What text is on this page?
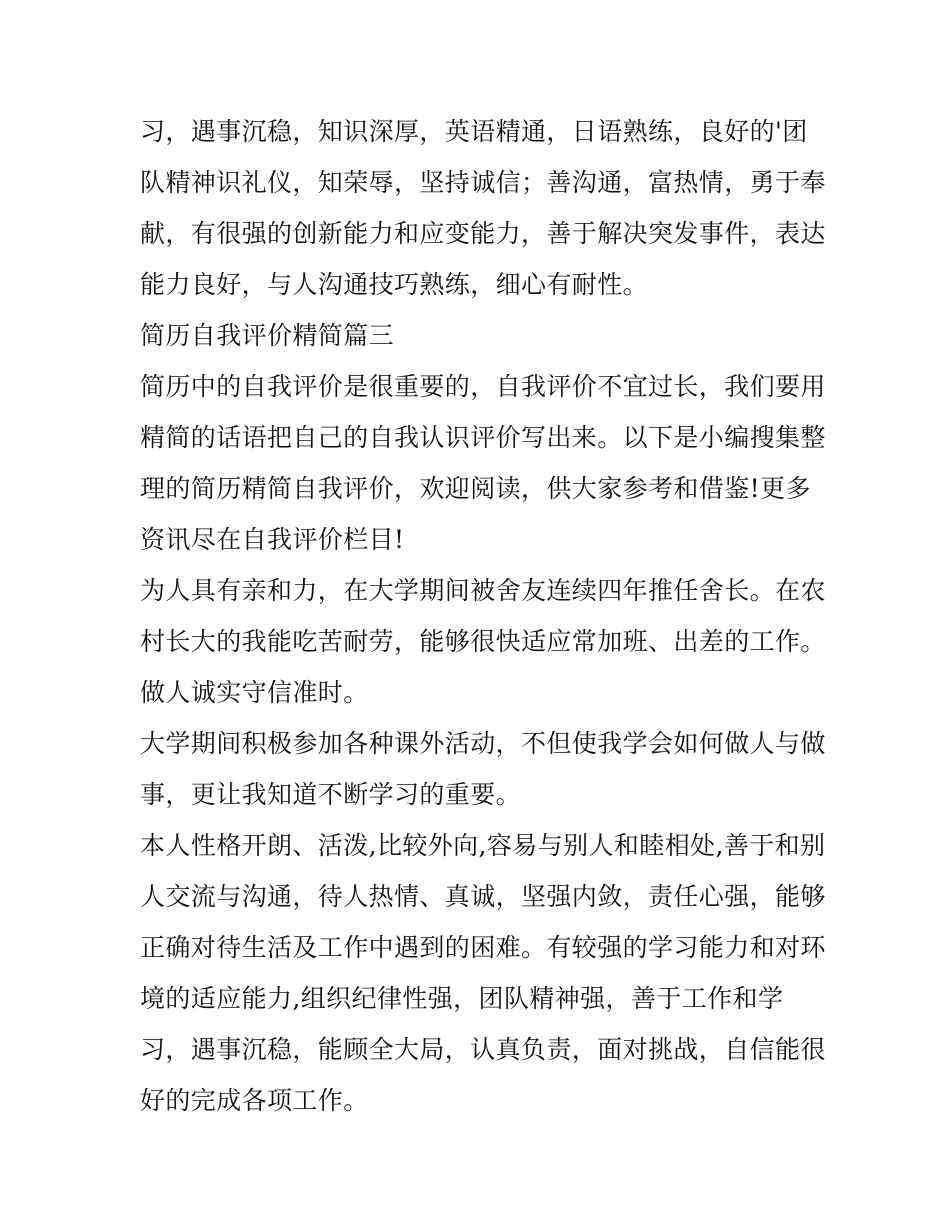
习，遇事沉稳，知识深厚，英语精通，日语熟练，良好的'团
队精神识礼仪，知荣辱，坚持诚信；善沟通，富热情，勇于奉
献，有很强的创新能力和应变能力，善于解决突发事件，表达
能力良好，与人沟通技巧熟练，细心有耐性。
简历自我评价精简篇三
简历中的自我评价是很重要的，自我评价不宜过长，我们要用
精简的话语把自己的自我认识评价写出来。以下是小编搜集整
理的简历精简自我评价，欢迎阅读，供大家参考和借鉴!更多
资讯尽在自我评价栏目!
为人具有亲和力，在大学期间被舍友连续四年推任舍长。在农
村长大的我能吃苦耐劳，能够很快适应常加班、出差的工作。
做人诚实守信准时。
大学期间积极参加各种课外活动，不但使我学会如何做人与做
事，更让我知道不断学习的重要。
本人性格开朗、活泼,比较外向,容易与别人和睦相处,善于和别
人交流与沟通，待人热情、真诚，坚强内敛，责任心强，能够
正确对待生活及工作中遇到的困难。有较强的学习能力和对环
境的适应能力,组织纪律性强，团队精神强，善于工作和学
习，遇事沉稳，能顾全大局，认真负责，面对挑战，自信能很
好的完成各项工作。
